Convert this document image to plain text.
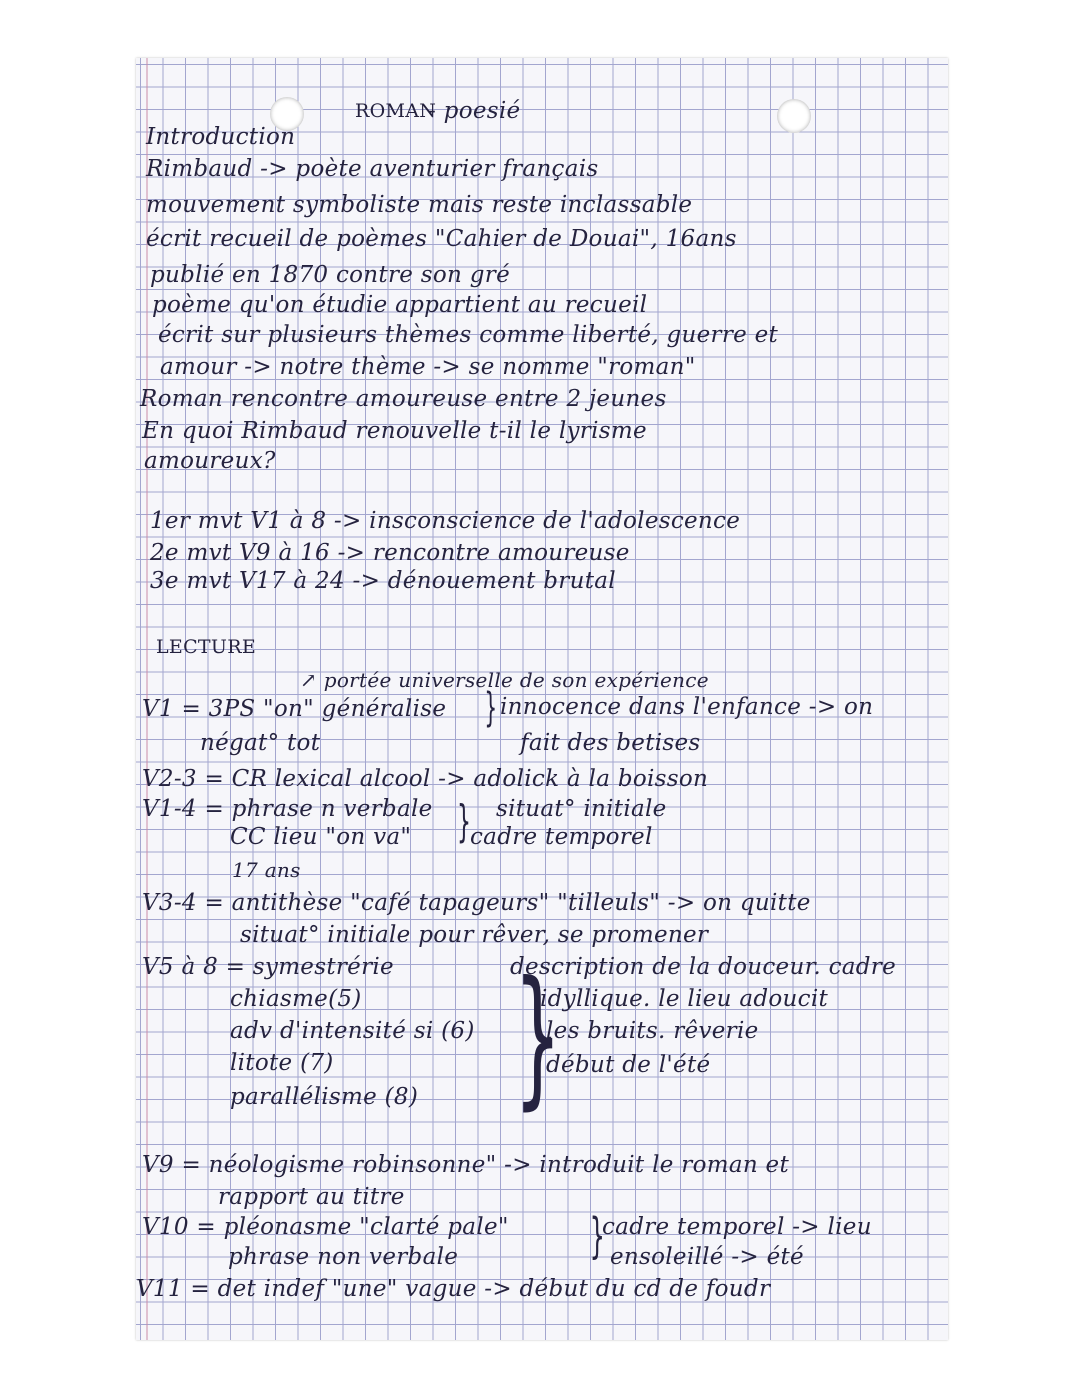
ROMAN
- poesié
Introduction
Rimbaud -> poète aventurier français
mouvement symboliste mais reste inclassable
écrit recueil de poèmes "Cahier de Douai", 16ans
publié en 1870 contre son gré
poème qu'on étudie appartient au recueil
écrit sur plusieurs thèmes comme liberté, guerre et
amour -> notre thème -> se nomme "roman"
Roman rencontre amoureuse entre 2 jeunes
En quoi Rimbaud renouvelle t-il le lyrisme
amoureux?
1er mvt V1 à 8 -> insconscience de l'adolescence
2e mvt V9 à 16 -> rencontre amoureuse
3e mvt V17 à 24 -> dénouement brutal
LECTURE
↗ portée universelle de son expérience
V1 = 3PS "on" généralise } innocence dans l'enfance -> on
négat° tot	fait des betises
V2-3 = CR lexical alcool -> adolick à la boisson
V1-4 = phrase n verbale	situat° initiale
CC lieu "on va" } cadre temporel
17 ans
V3-4 = antithèse "café tapageurs" "tilleuls" -> on quitte
situat° initiale pour rêver, se promener
V5 à 8 = symestrérie	description de la douceur. cadre
chiasme(5)	idyllique. le lieu adoucit
adv d'intensité si (6) }
les bruits. rêverie
litote (7)	début de l'été
parallélisme (8)
V9 = néologisme robinsonne" -> introduit le roman et
rapport au titre
V10 = pléonasme "clarté pale" }
cadre temporel -> lieu
phrase non verbale	ensoleillé -> été
V11 = det indef "une" vague -> début du cd de foudr
